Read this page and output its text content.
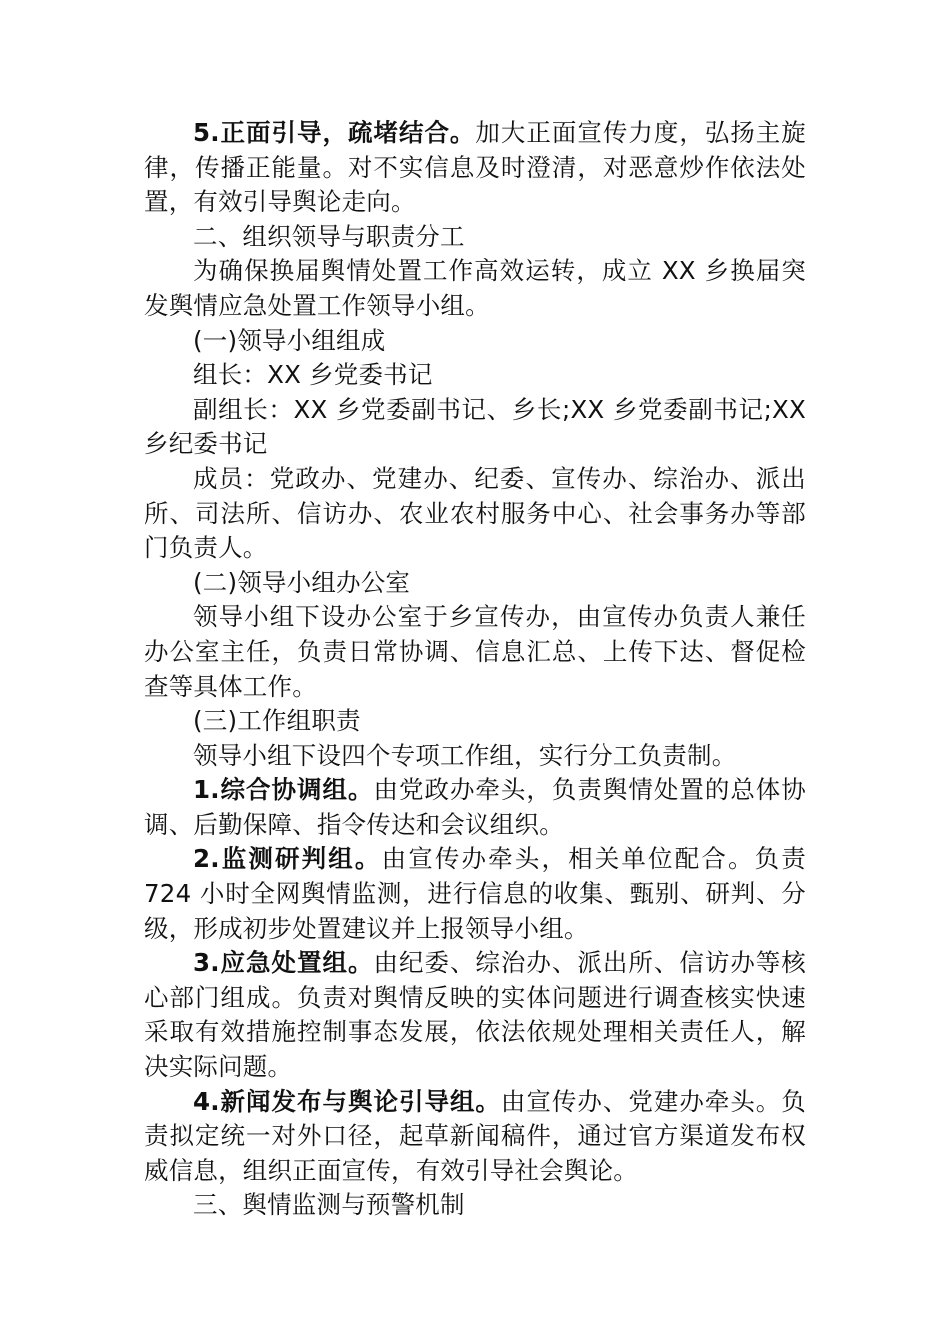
5.正面引导，疏堵结合。加大正面宣传力度，弘扬主旋律，传播正能量。对不实信息及时澄清，对恶意炒作依法处置，有效引导舆论走向。

二、组织领导与职责分工

为确保换届舆情处置工作高效运转，成立 XX 乡换届突发舆情应急处置工作领导小组。

(一)领导小组组成

组长：XX 乡党委书记

副组长：XX 乡党委副书记、乡长;XX 乡党委副书记;XX 乡纪委书记

成员：党政办、党建办、纪委、宣传办、综治办、派出所、司法所、信访办、农业农村服务中心、社会事务办等部门负责人。

(二)领导小组办公室

领导小组下设办公室于乡宣传办，由宣传办负责人兼任办公室主任，负责日常协调、信息汇总、上传下达、督促检查等具体工作。

(三)工作组职责

领导小组下设四个专项工作组，实行分工负责制。

1.综合协调组。由党政办牵头，负责舆情处置的总体协调、后勤保障、指令传达和会议组织。

2.监测研判组。由宣传办牵头，相关单位配合。负责724 小时全网舆情监测，进行信息的收集、甄别、研判、分级，形成初步处置建议并上报领导小组。

3.应急处置组。由纪委、综治办、派出所、信访办等核心部门组成。负责对舆情反映的实体问题进行调查核实快速采取有效措施控制事态发展，依法依规处理相关责任人，解决实际问题。

4.新闻发布与舆论引导组。由宣传办、党建办牵头。负责拟定统一对外口径，起草新闻稿件，通过官方渠道发布权威信息，组织正面宣传，有效引导社会舆论。

三、舆情监测与预警机制
